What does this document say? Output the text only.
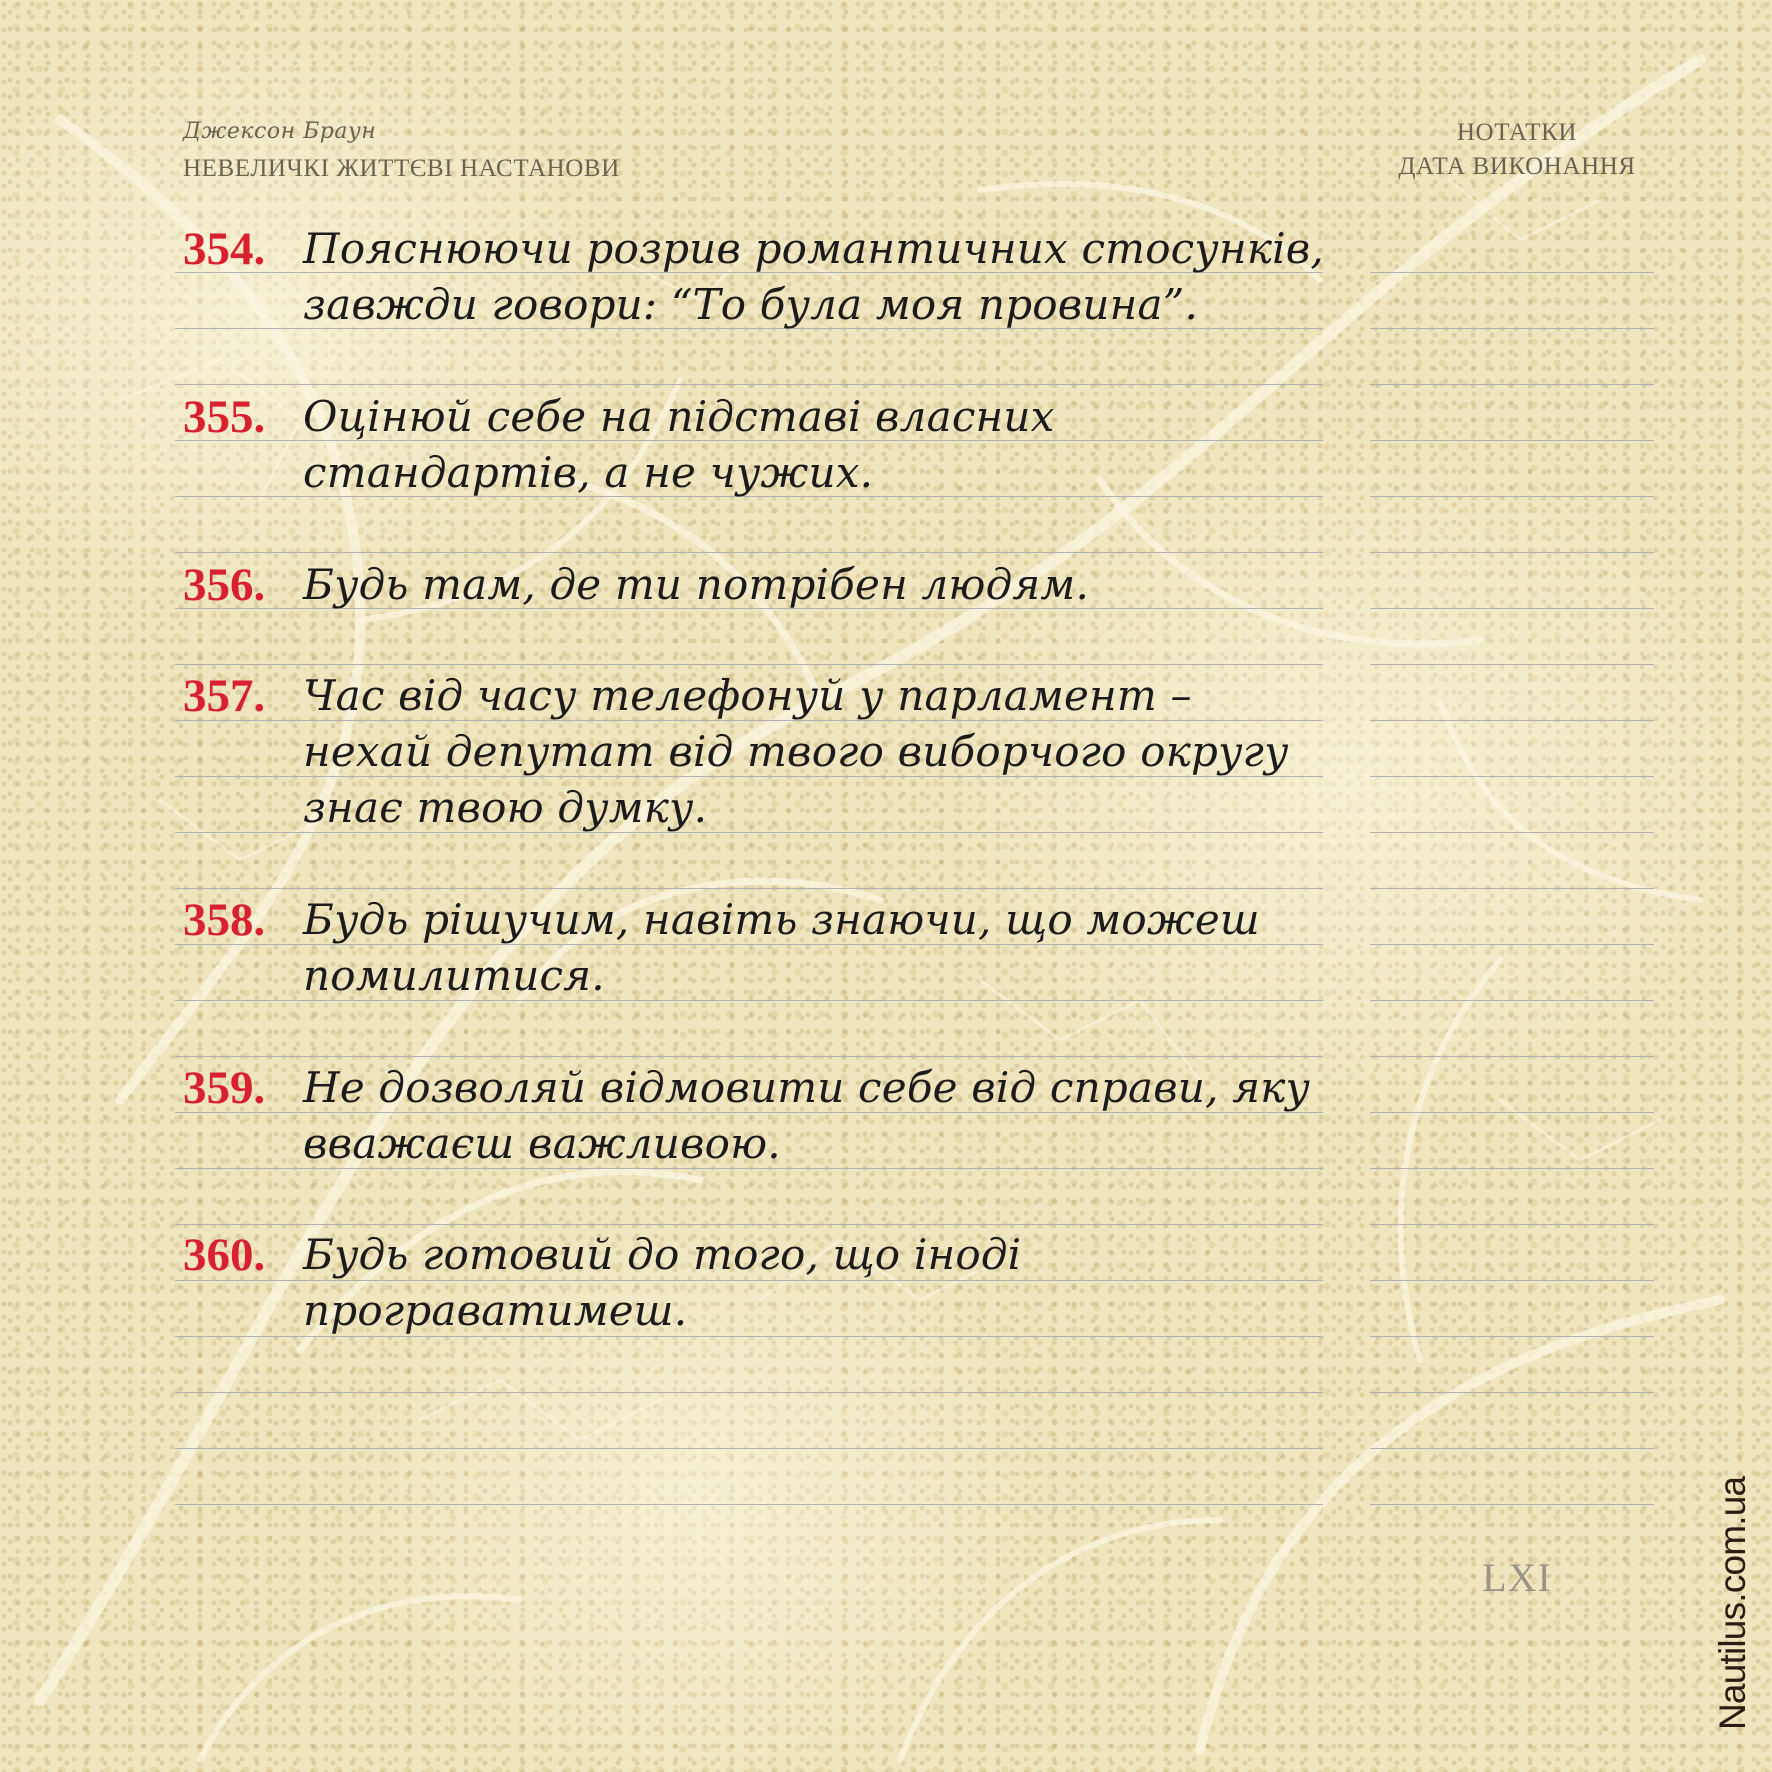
Джексон Браун
НЕВЕЛИЧКІ ЖИТТЄВІ НАСТАНОВИ
НОТАТКИ
ДАТА ВИКОНАННЯ
354. Пояснюючи розрив романтичних стосунків, завжди говори: “То була моя провина”.
355. Оцінюй себе на підставі власних стандартів, а не чужих.
356. Будь там, де ти потрібен людям.
357. Час від часу телефонуй у парламент – нехай депутат від твого виборчого округу знає твою думку.
358. Будь рішучим, навіть знаючи, що можеш помилитися.
359. Не дозволяй відмовити себе від справи, яку вважаєш важливою.
360. Будь готовий до того, що іноді програватимеш.
LXI	Nautilus.com.ua
